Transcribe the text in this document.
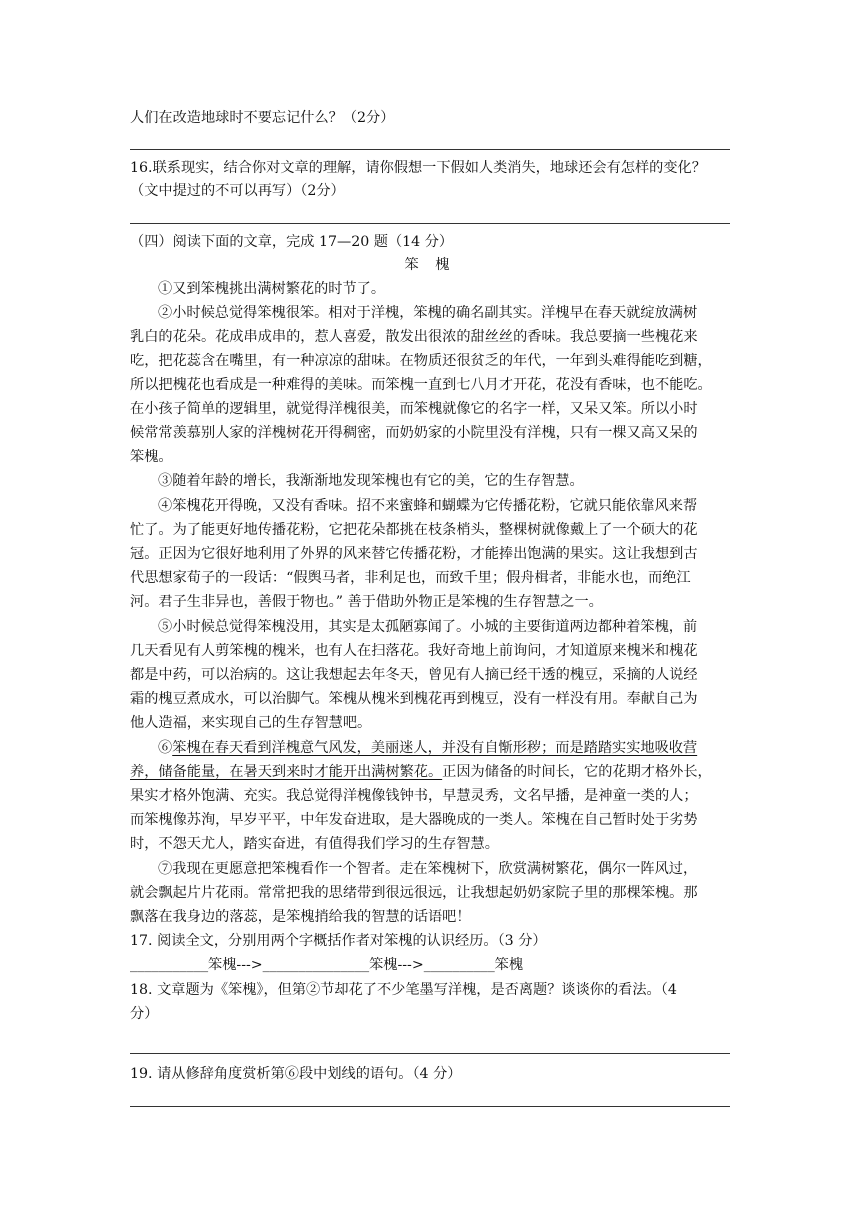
人们在改造地球时不要忘记什么？（2分）
16.联系现实，结合你对文章的理解，请你假想一下假如人类消失，地球还会有怎样的变化？
（文中提过的不可以再写）（2分）
（四）阅读下面的文章，完成 17—20 题（14 分）
笨 槐
①又到笨槐挑出满树繁花的时节了。
②小时候总觉得笨槐很笨。相对于洋槐，笨槐的确名副其实。洋槐早在春天就绽放满树
乳白的花朵。花成串成串的，惹人喜爱，散发出很浓的甜丝丝的香味。我总要摘一些槐花来
吃，把花蕊含在嘴里，有一种凉凉的甜味。在物质还很贫乏的年代，一年到头难得能吃到糖，
所以把槐花也看成是一种难得的美味。而笨槐一直到七八月才开花，花没有香味，也不能吃。
在小孩子简单的逻辑里，就觉得洋槐很美，而笨槐就像它的名字一样，又呆又笨。所以小时
候常常羡慕别人家的洋槐树花开得稠密，而奶奶家的小院里没有洋槐，只有一棵又高又呆的
笨槐。
③随着年龄的增长，我渐渐地发现笨槐也有它的美，它的生存智慧。
④笨槐花开得晚，又没有香味。招不来蜜蜂和蝴蝶为它传播花粉，它就只能依靠风来帮
忙了。为了能更好地传播花粉，它把花朵都挑在枝条梢头，整棵树就像戴上了一个硕大的花
冠。正因为它很好地利用了外界的风来替它传播花粉，才能捧出饱满的果实。这让我想到古
代思想家荀子的一段话：“假舆马者，非利足也，而致千里；假舟楫者，非能水也，而绝江
河。君子生非异也，善假于物也。” 善于借助外物正是笨槐的生存智慧之一。
⑤小时候总觉得笨槐没用，其实是太孤陋寡闻了。小城的主要街道两边都种着笨槐，前
几天看见有人剪笨槐的槐米，也有人在扫落花。我好奇地上前询问，才知道原来槐米和槐花
都是中药，可以治病的。这让我想起去年冬天，曾见有人摘已经干透的槐豆，采摘的人说经
霜的槐豆煮成水，可以治脚气。笨槐从槐米到槐花再到槐豆，没有一样没有用。奉献自己为
他人造福，来实现自己的生存智慧吧。
⑥笨槐在春天看到洋槐意气风发，美丽迷人，并没有自惭形秽；而是踏踏实实地吸收营
养，储备能量，在暑天到来时才能开出满树繁花。正因为储备的时间长，它的花期才格外长，
果实才格外饱满、充实。我总觉得洋槐像钱钟书，早慧灵秀，文名早播，是神童一类的人；
而笨槐像苏洵，早岁平平，中年发奋进取，是大器晚成的一类人。笨槐在自己暂时处于劣势
时，不怨天尤人，踏实奋进，有值得我们学习的生存智慧。
⑦我现在更愿意把笨槐看作一个智者。走在笨槐树下，欣赏满树繁花，偶尔一阵风过，
就会飘起片片花雨。常常把我的思绪带到很远很远，让我想起奶奶家院子里的那棵笨槐。那
飘落在我身边的落蕊，是笨槐捎给我的智慧的话语吧！
17. 阅读全文，分别用两个字概括作者对笨槐的认识经历。（3 分）
___________笨槐--->_______________笨槐--->__________笨槐
18. 文章题为《笨槐》，但第②节却花了不少笔墨写洋槐，是否离题？谈谈你的看法。（4
分）
19. 请从修辞角度赏析第⑥段中划线的语句。（4 分）
